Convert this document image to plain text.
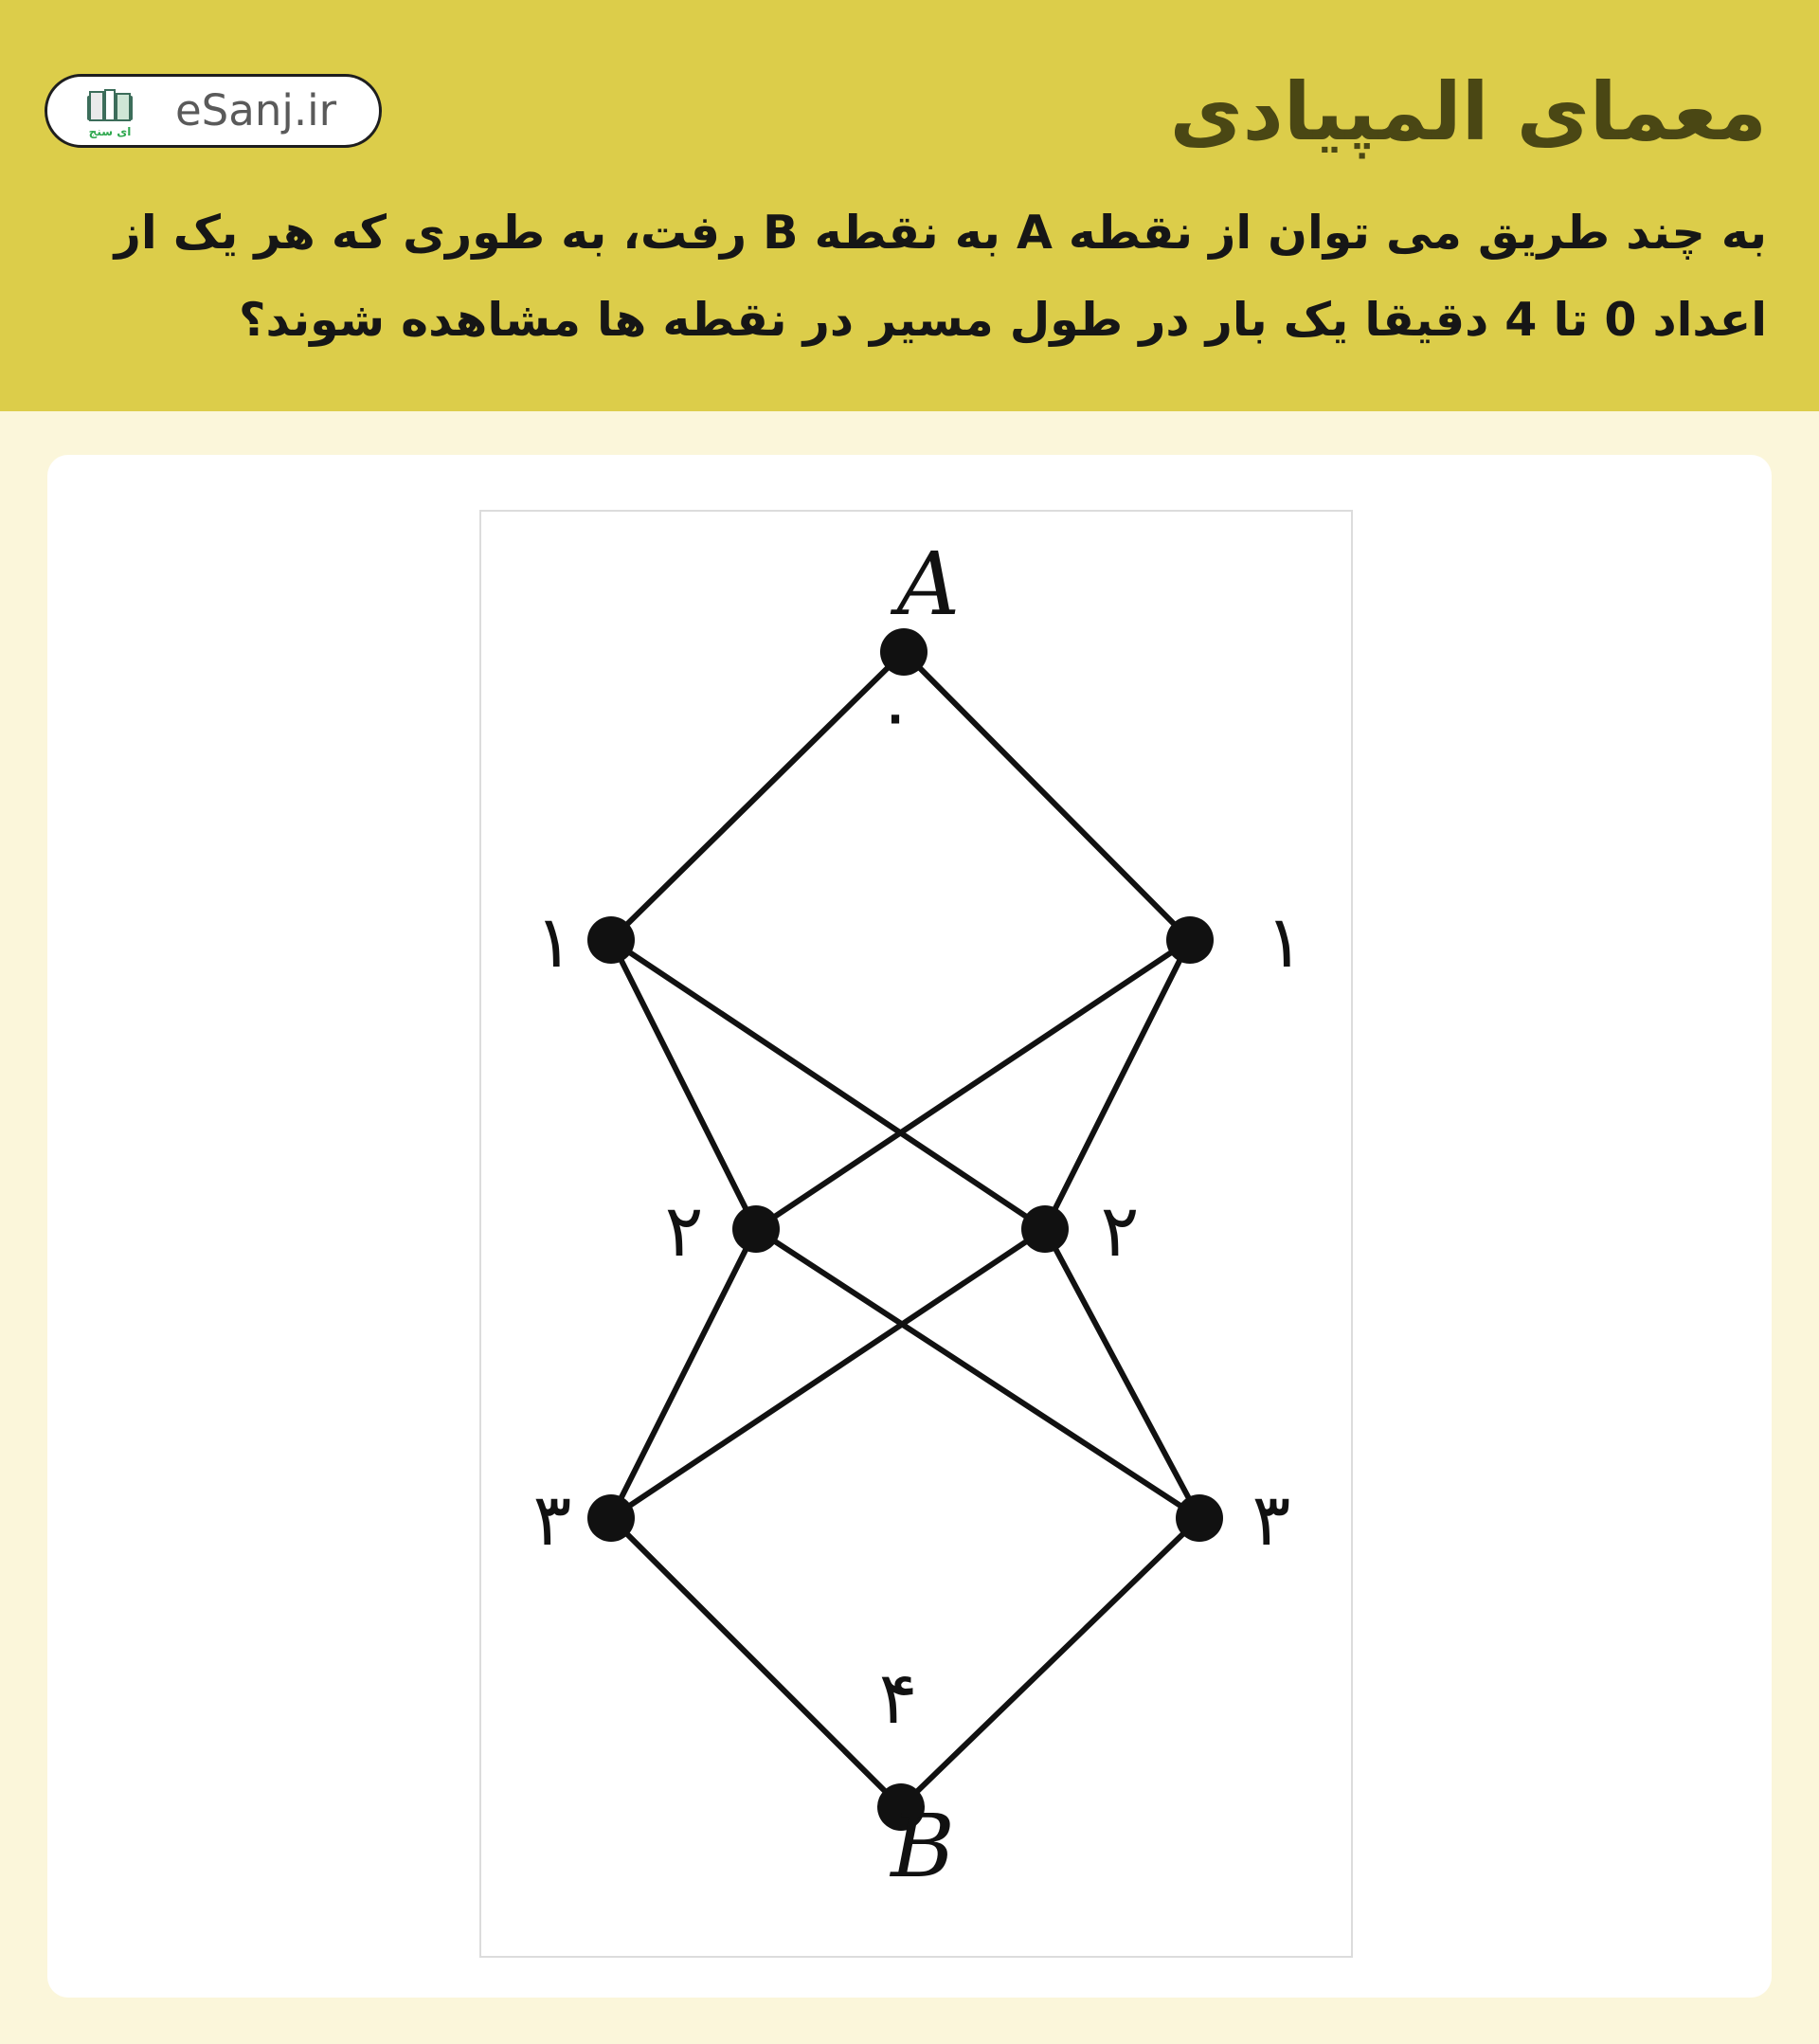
معمای المپیادی
به چند طریق می توان از نقطه A به نقطه B رفت، به طوری که هر یک از اعداد 0 تا 4 دقیقا یک بار در طول مسیر در نقطه ها مشاهده شوند؟
ای سنج eSanj.ir
A
B
۰
۱	۱
۲	۲
۳	۳
۴
